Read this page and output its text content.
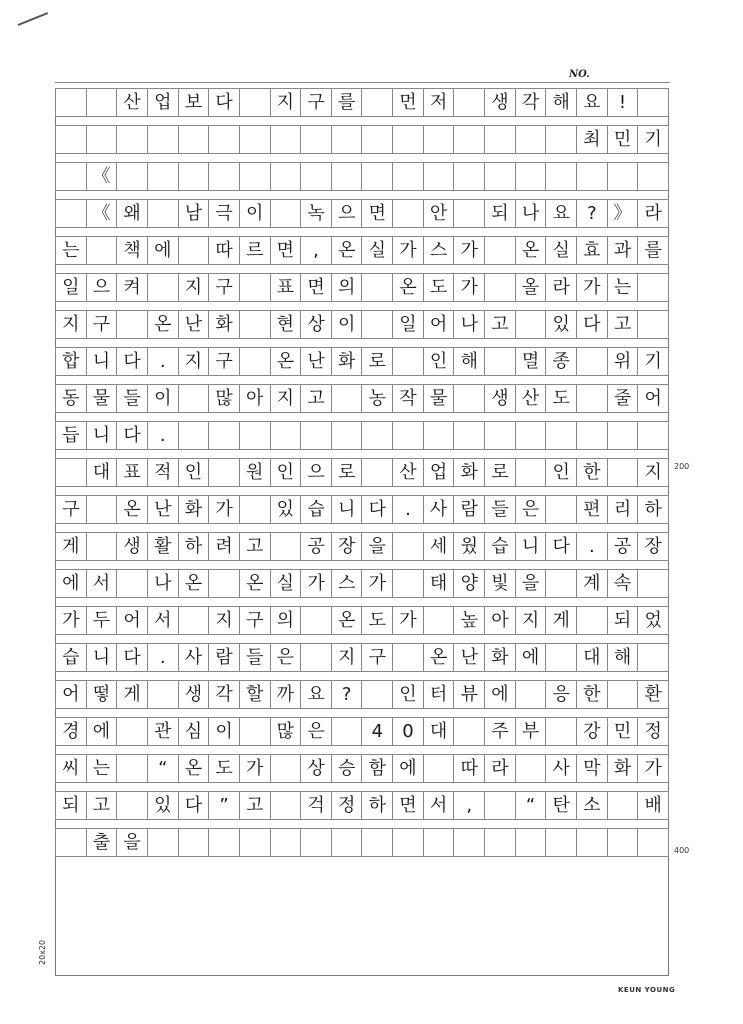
NO.
산 업 보 다	지 구 를	먼 저	생 각 해 요	!
최 민 기
《
《 왜	남 극 이	녹 으 면	안	되 나 요 ? 》 라
는	책 에	따 르 면	,	온 실 가 스 가	온 실 효 과 를
일 으 켜	지 구	표 면 의	온 도 가	올 라 가 는
지 구	온 난 화	현 상 이	일 어 나 고	있 다 고
합 니 다	.	지 구	온 난 화 로	인 해	멸 종	위 기
동 물 들 이	많 아 지 고	농 작 물	생 산 도	줄 어
듭 니 다	.
대 표 적 인	원 인 으 로	산 업 화 로	인 한	지
구	온 난 화 가	있 습 니 다	.	사 람 들 은	편 리 하
게	생 활 하 려 고	공 장 을	세 웠 습 니 다	.	공 장
에 서	나 온	온 실 가 스 가	태 양 빛 을	계 속
가 두 어 서	지 구 의	온 도 가	높 아 지 게	되 었
습 니 다	.	사 람 들 은	지 구	온 난 화 에	대 해
어 떻 게	생 각 할 까 요 ?	인 터 뷰 에	응 한	환
경 에	관 심 이	많 은	4	0 대	주 부	강 민 정
씨 는	“ 온 도 가	상 승 함 에	따 라	사 막 화 가
되 고	있 다 ” 고	걱 정 하 면 서	,	“ 탄 소	배
출 을
200
400
20x20
KEUN YOUNG
